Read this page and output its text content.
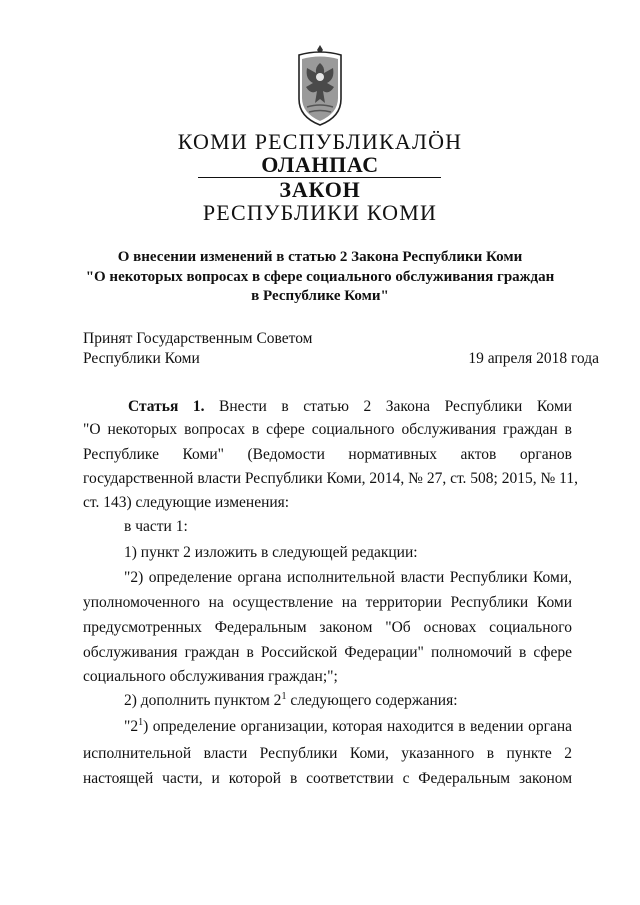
КОМИ РЕСПУБЛИКАЛӦН
ОЛАНПАС
ЗАКОН
РЕСПУБЛИКИ КОМИ
О внесении изменений в статью 2 Закона Республики Коми
"О некоторых вопросах в сфере социального обслуживания граждан
в Республике Коми"
Принят Государственным Советом
Республики Коми	19 апреля 2018 года
Статья 1. Внести в статью 2 Закона Республики Коми
"О некоторых вопросах в сфере социального обслуживания граждан в
Республике Коми" (Ведомости нормативных актов органов
государственной власти Республики Коми, 2014, № 27, ст. 508; 2015, № 11,
ст. 143) следующие изменения:
в части 1:
1) пункт 2 изложить в следующей редакции:
"2) определение органа исполнительной власти Республики Коми,
уполномоченного на осуществление на территории Республики Коми
предусмотренных Федеральным законом "Об основах социального
обслуживания граждан в Российской Федерации" полномочий в сфере
социального обслуживания граждан;";
2) дополнить пунктом $2^1$ следующего содержания:
"$2^1$) определение организации, которая находится в ведении органа
исполнительной власти Республики Коми, указанного в пункте 2
настоящей части, и которой в соответствии с Федеральным законом
